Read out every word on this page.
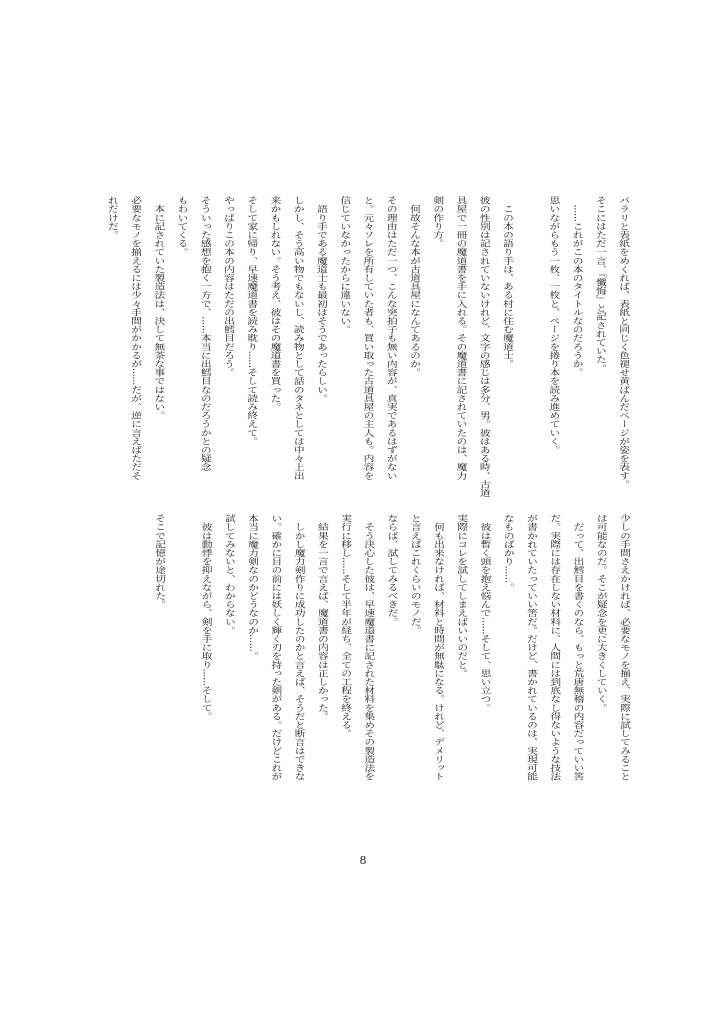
パラリと表紙をめくれば、表紙と同じく色褪せ黄ばんだページが姿を表す。
そこにはただ一言、『懺悔』と記されていた。
　……これがこの本のタイトルなのだろうか。
思いながらもう一枚、一枚と、ページを捲り本を読み進めていく。

　この本の語り手は、ある村に住む魔道士。
彼の性別は記されていないけれど、文字の感じは多分、男。彼はある時、古道
具屋で一冊の魔道書を手に入れる。その魔道書に記されていたのは、魔力
剣の作り方。
　何故そんな本が古道具屋になんてあるのか。
その理由はただ一つ、こんな突拍子も無い内容が、真実であるはずがない
と。元々ソレを所有していた者も、買い取った古道具屋の主人も。内容を
信じていなかったからに違いない。
　語り手である魔道士も最初はそうであったらしい。
しかし、そう高い物でもないし、読み物として話のタネとしては中々上出
来かもしれない。そう考え、彼はその魔道書を買った。
そして家に帰り、早速魔道書を読み耽り……そして読み終えて。
やっぱりこの本の内容はただの出鱈目だろう。
そういった感想を抱く一方で、……本当に出鱈目なのだろうかとの疑念
もわいてくる。
　本に記されていた製造法は、決して無茶な事ではない。
必要なモノを揃えるには少々手間がかかるが……だが、逆に言えばただそ
れだけだ。
少しの手間さえかければ、必要なモノを揃え、実際に試してみること
は可能なのだ。そこが疑念を更に大きくしていく。
　だって、出鱈目を書くのなら、もっと荒唐無稽の内容だっていい筈
だ。実際には存在しない材料に、人間には到底なし得ないような技法
が書かれていたっていい筈だ。だけど、書かれているのは、実現可能
なものばかり……。
　彼は暫く頭を抱え悩んで……そして、思い立つ。
実際にコレを試してしまえばいいのだと。
　何も出来なければ、材料と時間が無駄になる。けれど、デメリット
と言えばこれくらいのモノだ。
ならば、試してみるべきだ。
　そう決心した彼は、早速魔道書に記された材料を集めその製造法を
実行に移し……そして半年が経ち、全ての工程を終える。
　結果を一言で言えば、魔道書の内容は正しかった。
　しかし魔力剣作りに成功したのかと言えば、そうだと断言はできな
い。確かに目の前には妖しく輝く刃を持った剣がある。だけどこれが
本当に魔力剣なのかどうなのか……。
試してみないと、わからない。
　彼は動悸を抑えながら、剣を手に取り……そして。

そこで記憶が途切れた。
8
